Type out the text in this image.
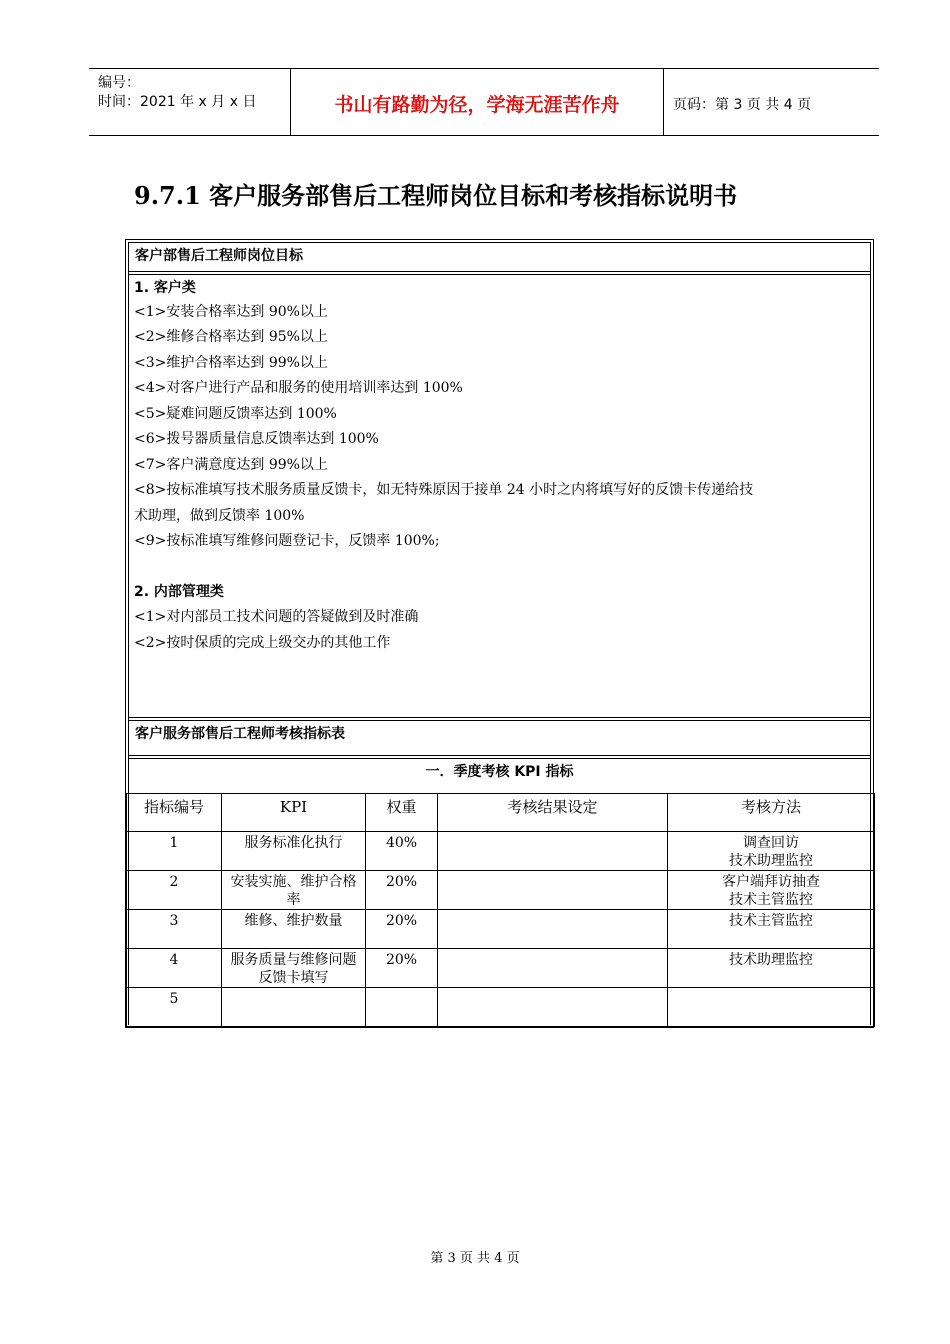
编号：
时间：2021 年 x 月 x 日	书山有路勤为径，学海无涯苦作舟	页码：第 3 页 共 4 页
9.7.1 客户服务部售后工程师岗位目标和考核指标说明书
客户部售后工程师岗位目标
1. 客户类
<1>安装合格率达到 90%以上
<2>维修合格率达到 95%以上
<3>维护合格率达到 99%以上
<4>对客户进行产品和服务的使用培训率达到 100%
<5>疑难问题反馈率达到 100%
<6>拨号器质量信息反馈率达到 100%
<7>客户满意度达到 99%以上
<8>按标准填写技术服务质量反馈卡，如无特殊原因于接单 24 小时之内将填写好的反馈卡传递给技
术助理，做到反馈率 100%
<9>按标准填写维修问题登记卡，反馈率 100%;
2. 内部管理类
<1>对内部员工技术问题的答疑做到及时准确
<2>按时保质的完成上级交办的其他工作
客户服务部售后工程师考核指标表
一．季度考核 KPI 指标
指标编号	KPI	权重	考核结果设定	考核方法
1	服务标准化执行	40%		调查回访
技术助理监控
2	安装实施、维护合格率	20%		客户端拜访抽查
技术主管监控
3	维修、维护数量	20%		技术主管监控
4	服务质量与维修问题反馈卡填写	20%		技术助理监控
5				
第 3 页 共 4 页
